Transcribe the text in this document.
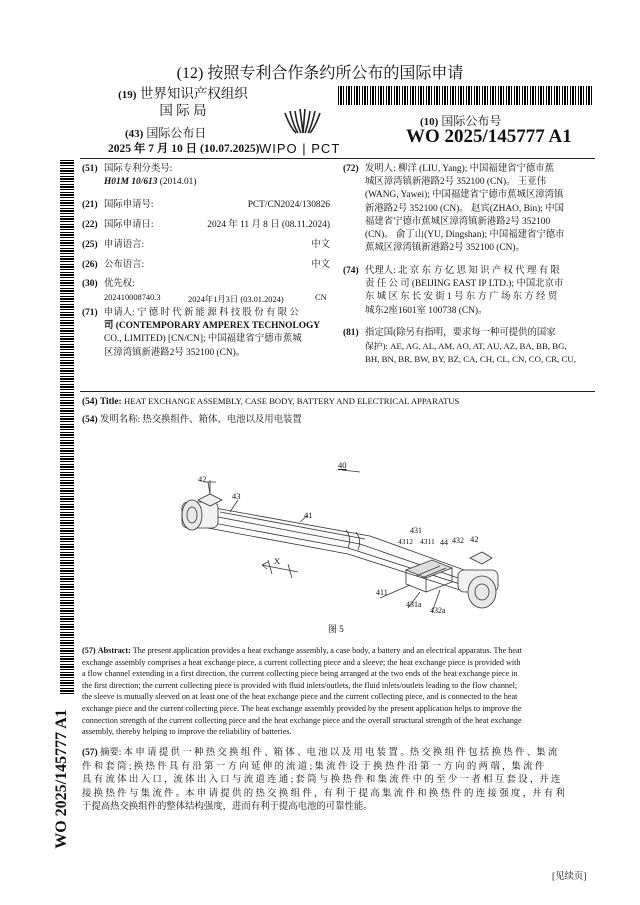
(12) 按照专利合作条约所公布的国际申请
(19) 世界知识产权组织
国 际 局
(43) 国际公布日
2025 年 7 月 10 日 (10.07.2025) WIPO | PCT
(10) 国际公布号
WO 2025/145777 A1
(51) 国际专利分类号:
H01M 10/613 (2014.01)
(21) 国际申请号:	PCT/CN2024/130826
(22) 国际申请日:	2024 年 11 月 8 日 (08.11.2024)
(25) 申请语言:	中文
(26) 公布语言:	中文
(30) 优先权:
202410008740.3	2024年1月3日 (03.01.2024)	CN
(71) 申请人: 宁 德 时 代 新 能 源 科 技 股 份 有 限 公
司 (CONTEMPORARY AMPEREX TECHNOLOGY
CO., LIMITED) [CN/CN]; 中国福建省宁德市蕉城
区漳湾镇新港路2号 352100 (CN)。
(72) 发明人: 柳洋 (LIU, Yang); 中国福建省宁德市蕉
城区漳湾镇新港路2号 352100 (CN)。 王亚伟
(WANG, Yawei); 中国福建省宁德市蕉城区漳湾镇
新港路2号 352100 (CN)。 赵宾(ZHAO, Bin); 中国
福建省宁德市蕉城区漳湾镇新港路2号 352100
(CN)。 俞丁山(YU, Dingshan); 中国福建省宁德市
蕉城区漳湾镇新港路2号 352100 (CN)。
(74) 代理人: 北 京 东 方 亿 思 知 识 产 权 代 理 有 限
责 任 公 司 (BEIJING EAST IP LTD.); 中国北京市
东 城 区 东 长 安 街 1 号 东 方 广 场 东 方 经 贸
城东2座1601室 100738 (CN)。
(81) 指定国(除另有指明，要求每一种可提供的国家
保护): AE, AG, AL, AM, AO, AT, AU, AZ, BA, BB, BG,
BH, BN, BR, BW, BY, BZ, CA, CH, CL, CN, CO, CR, CU,
(54) Title: HEAT EXCHANGE ASSEMBLY, CASE BODY, BATTERY AND ELECTRICAL APPARATUS
(54) 发明名称: 热交换组件、箱体、电池以及用电装置
40
42
43
41
431
4312 4311 44 432 42
X
411
431a
432a
图 5
(57) Abstract: The present application provides a heat exchange assembly, a case body, a battery and an electrical apparatus. The heat
exchange assembly comprises a heat exchange piece, a current collecting piece and a sleeve; the heat exchange piece is provided with
a flow channel extending in a first direction, the current collecting piece being arranged at the two ends of the heat exchange piece in
the first direction; the current collecting piece is provided with fluid inlets/outlets, the fluid inlets/outlets leading to the flow channel;
the sleeve is mutually sleeved on at least one of the heat exchange piece and the current collecting piece, and is connected to the heat
exchange piece and the current collecting piece. The heat exchange assembly provided by the present application helps to improve the
connection strength of the current collecting piece and the heat exchange piece and the overall structural strength of the heat exchange
assembly, thereby helping to improve the reliability of batteries.
(57) 摘要: 本 申 请 提 供 一 种 热 交 换 组 件 、箱 体 、电 池 以 及 用 电 装 置 。热 交 换 组 件 包 括 换 热 件 、集 流
件 和 套 筒 ; 换 热 件 具 有 沿 第 一 方 向 延 伸 的 流 道 ; 集 流 件 设 于 换 热 件 沿 第 一 方 向 的 两 端 ，集 流 件
具 有 流 体 出 入 口 ，流 体 出 入 口 与 流 道 连 通 ; 套 筒 与 换 热 件 和 集 流 件 中 的 至 少 一 者 相 互 套 设 ，并 连
接 换 热 件 与 集 流 件 。本 申 请 提 供 的 热 交 换 组 件 ，有 利 于 提 高 集 流 件 和 换 热 件 的 连 接 强 度 ，并 有 利
于提高热交换组件的整体结构强度，进而有利于提高电池的可靠性能。
WO 2025/145777 A1
[见续页]
